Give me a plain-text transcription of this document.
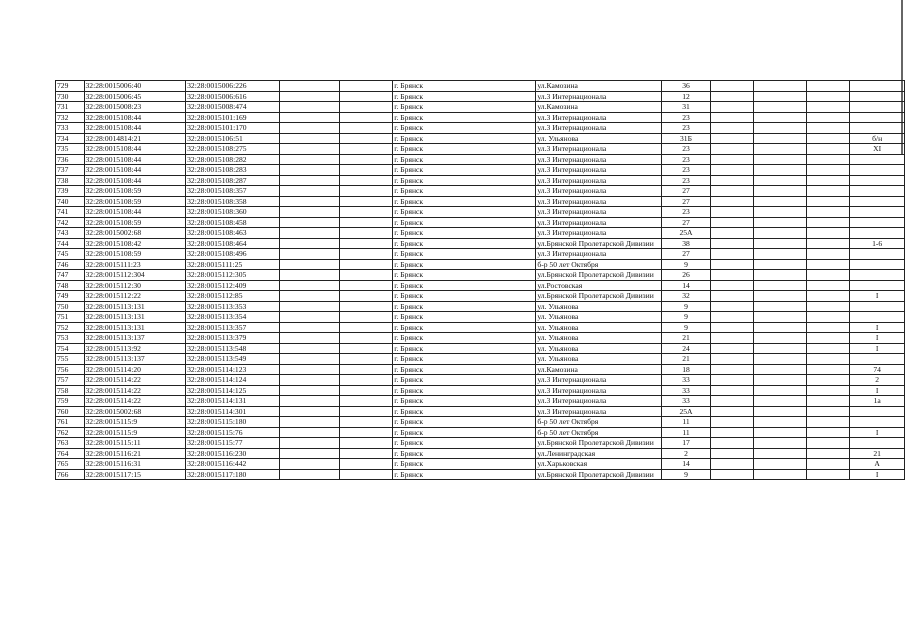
729	32:28:0015006:40	32:28:0015006:226			г. Брянск	ул.Камозина	36				
730	32:28:0015006:45	32:28:0015006:616			г. Брянск	ул.3 Интернационала	12				
731	32:28:0015008:23	32:28:0015008:474			г. Брянск	ул.Камозина	31				
732	32:28:0015108:44	32:28:0015101:169			г. Брянск	ул.3 Интернационала	23				
733	32:28:0015108:44	32:28:0015101:170			г. Брянск	ул.3 Интернационала	23				
734	32:28:0014814:21	32:28:0015106:51			г. Брянск	ул. Ульянова	31Б				б/н
735	32:28:0015108:44	32:28:0015108:275			г. Брянск	ул.3 Интернационала	23				XI
736	32:28:0015108:44	32:28:0015108:282			г. Брянск	ул.3 Интернационала	23				
737	32:28:0015108:44	32:28:0015108:283			г. Брянск	ул.3 Интернационала	23				
738	32:28:0015108:44	32:28:0015108:287			г. Брянск	ул.3 Интернационала	23				
739	32:28:0015108:59	32:28:0015108:357			г. Брянск	ул.3 Интернационала	27				
740	32:28:0015108:59	32:28:0015108:358			г. Брянск	ул.3 Интернационала	27				
741	32:28:0015108:44	32:28:0015108:360			г. Брянск	ул.3 Интернационала	23				
742	32:28:0015108:59	32:28:0015108:458			г. Брянск	ул.3 Интернационала	27				
743	32:28:0015002:68	32:28:0015108:463			г. Брянск	ул.3 Интернационала	25А				
744	32:28:0015108:42	32:28:0015108:464			г. Брянск	ул.Брянской Пролетарской Дивизии	38				1-6
745	32:28:0015108:59	32:28:0015108:496			г. Брянск	ул.3 Интернационала	27				
746	32:28:0015111:23	32:28:0015111:25			г. Брянск	б-р 50 лет Октября	9				
747	32:28:0015112:304	32:28:0015112:305			г. Брянск	ул.Брянской Пролетарской Дивизии	26				
748	32:28:0015112:30	32:28:0015112:409			г. Брянск	ул.Ростовская	14				
749	32:28:0015112:22	32:28:0015112:85			г. Брянск	ул.Брянской Пролетарской Дивизии	32				I
750	32:28:0015113:131	32:28:0015113:353			г. Брянск	ул. Ульянова	9				
751	32:28:0015113:131	32:28:0015113:354			г. Брянск	ул. Ульянова	9				
752	32:28:0015113:131	32:28:0015113:357			г. Брянск	ул. Ульянова	9				I
753	32:28:0015113:137	32:28:0015113:379			г. Брянск	ул. Ульянова	21				I
754	32:28:0015113:92	32:28:0015113:548			г. Брянск	ул. Ульянова	24				I
755	32:28:0015113:137	32:28:0015113:549			г. Брянск	ул. Ульянова	21				
756	32:28:0015114:20	32:28:0015114:123			г. Брянск	ул.Камозина	18				74
757	32:28:0015114:22	32:28:0015114:124			г. Брянск	ул.3 Интернационала	33				2
758	32:28:0015114:22	32:28:0015114:125			г. Брянск	ул.3 Интернационала	33				I
759	32:28:0015114:22	32:28:0015114:131			г. Брянск	ул.3 Интернационала	33				1а
760	32:28:0015002:68	32:28:0015114:301			г. Брянск	ул.3 Интернационала	25А				
761	32:28:0015115:9	32:28:0015115:180			г. Брянск	б-р 50 лет Октября	11				
762	32:28:0015115:9	32:28:0015115:76			г. Брянск	б-р 50 лет Октября	11				I
763	32:28:0015115:11	32:28:0015115:77			г. Брянск	ул.Брянской Пролетарской Дивизии	17				
764	32:28:0015116:21	32:28:0015116:230			г. Брянск	ул.Ленинградская	2				21
765	32:28:0015116:31	32:28:0015116:442			г. Брянск	ул.Харьковская	14				А
766	32:28:0015117:15	32:28:0015117:180			г. Брянск	ул.Брянской Пролетарской Дивизии	9				I
